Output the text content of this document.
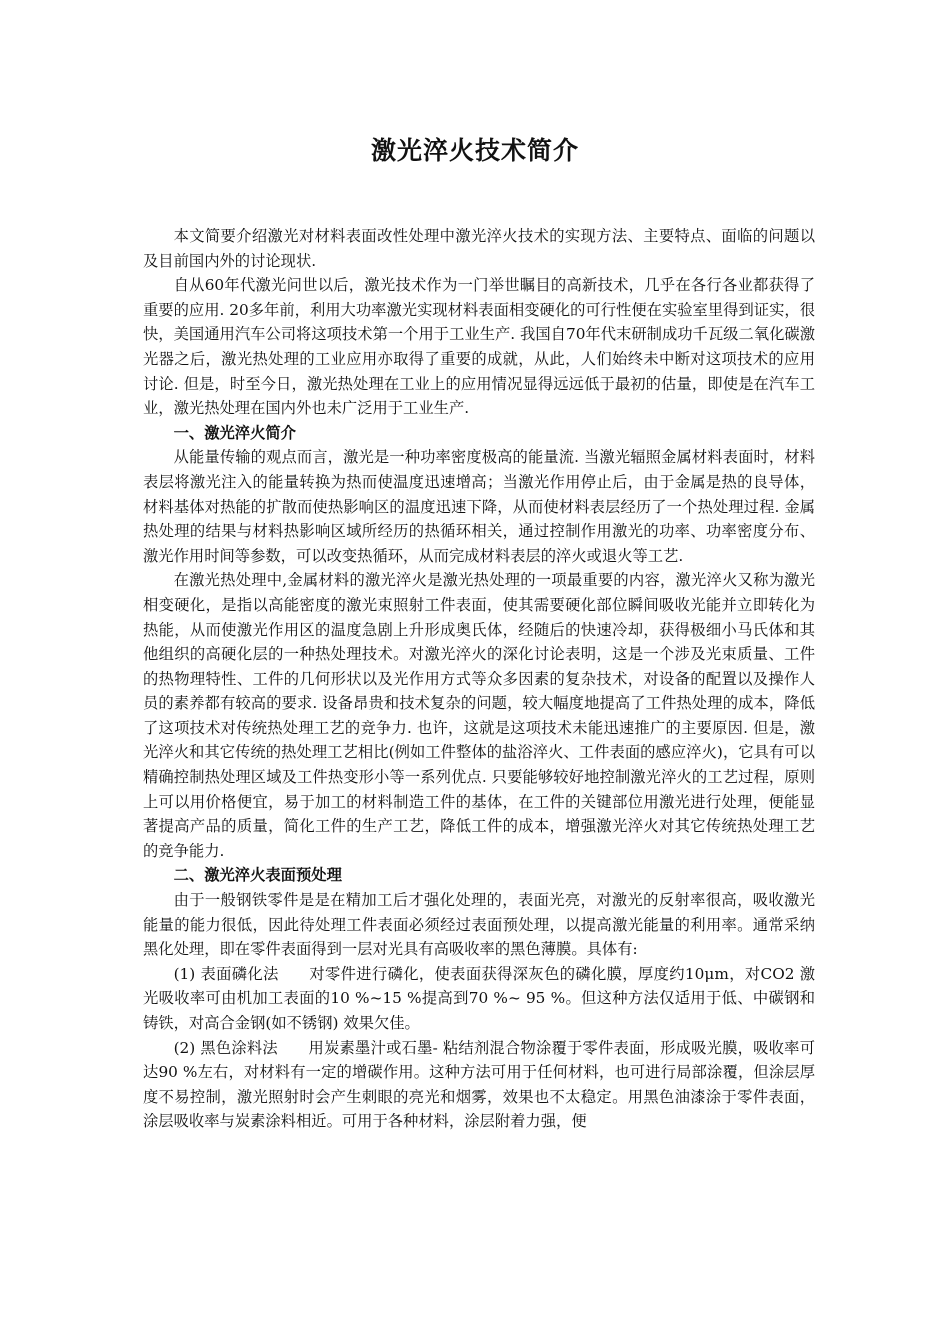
激光淬火技术简介

本文简要介绍激光对材料表面改性处理中激光淬火技术的实现方法、主要特点、面临的问题以及目前国内外的讨论现状.

自从60年代激光问世以后，激光技术作为一门举世瞩目的高新技术，几乎在各行各业都获得了重要的应用. 20多年前，利用大功率激光实现材料表面相变硬化的可行性便在实验室里得到证实，很快，美国通用汽车公司将这项技术第一个用于工业生产. 我国自70年代末研制成功千瓦级二氧化碳激光器之后，激光热处理的工业应用亦取得了重要的成就，从此，人们始终未中断对这项技术的应用讨论. 但是，时至今日，激光热处理在工业上的应用情况显得远远低于最初的估量，即使是在汽车工业，激光热处理在国内外也未广泛用于工业生产.

一、激光淬火简介

从能量传输的观点而言，激光是一种功率密度极高的能量流. 当激光辐照金属材料表面时，材料表层将激光注入的能量转换为热而使温度迅速增高；当激光作用停止后，由于金属是热的良导体，材料基体对热能的扩散而使热影响区的温度迅速下降，从而使材料表层经历了一个热处理过程. 金属热处理的结果与材料热影响区域所经历的热循环相关，通过控制作用激光的功率、功率密度分布、激光作用时间等参数，可以改变热循环，从而完成材料表层的淬火或退火等工艺.

在激光热处理中,金属材料的激光淬火是激光热处理的一项最重要的内容，激光淬火又称为激光相变硬化，是指以高能密度的激光束照射工件表面，使其需要硬化部位瞬间吸收光能并立即转化为热能，从而使激光作用区的温度急剧上升形成奥氏体，经随后的快速冷却，获得极细小马氏体和其他组织的高硬化层的一种热处理技术。对激光淬火的深化讨论表明，这是一个涉及光束质量、工件的热物理特性、工件的几何形状以及光作用方式等众多因素的复杂技术，对设备的配置以及操作人员的素养都有较高的要求. 设备昂贵和技术复杂的问题，较大幅度地提高了工件热处理的成本，降低了这项技术对传统热处理工艺的竞争力. 也许，这就是这项技术未能迅速推广的主要原因. 但是，激光淬火和其它传统的热处理工艺相比(例如工件整体的盐浴淬火、工件表面的感应淬火)，它具有可以精确控制热处理区域及工件热变形小等一系列优点. 只要能够较好地控制激光淬火的工艺过程，原则上可以用价格便宜，易于加工的材料制造工件的基体，在工件的关键部位用激光进行处理，便能显著提高产品的质量，简化工件的生产工艺，降低工件的成本，增强激光淬火对其它传统热处理工艺的竞争能力.

二、激光淬火表面预处理

由于一般钢铁零件是是在精加工后才强化处理的，表面光亮，对激光的反射率很高，吸收激光能量的能力很低，因此待处理工件表面必须经过表面预处理，以提高激光能量的利用率。通常采纳黑化处理，即在零件表面得到一层对光具有高吸收率的黑色薄膜。具体有:

(1) 表面磷化法 对零件进行磷化，使表面获得深灰色的磷化膜，厚度约10μm，对CO2 激光吸收率可由机加工表面的10 %~15 %提高到70 %~ 95 %。但这种方法仅适用于低、中碳钢和铸铁，对高合金钢(如不锈钢) 效果欠佳。

(2) 黑色涂料法 用炭素墨汁或石墨- 粘结剂混合物涂覆于零件表面，形成吸光膜，吸收率可达90 %左右，对材料有一定的增碳作用。这种方法可用于任何材料，也可进行局部涂覆，但涂层厚度不易控制，激光照射时会产生刺眼的亮光和烟雾，效果也不太稳定。用黑色油漆涂于零件表面，涂层吸收率与炭素涂料相近。可用于各种材料，涂层附着力强，便
